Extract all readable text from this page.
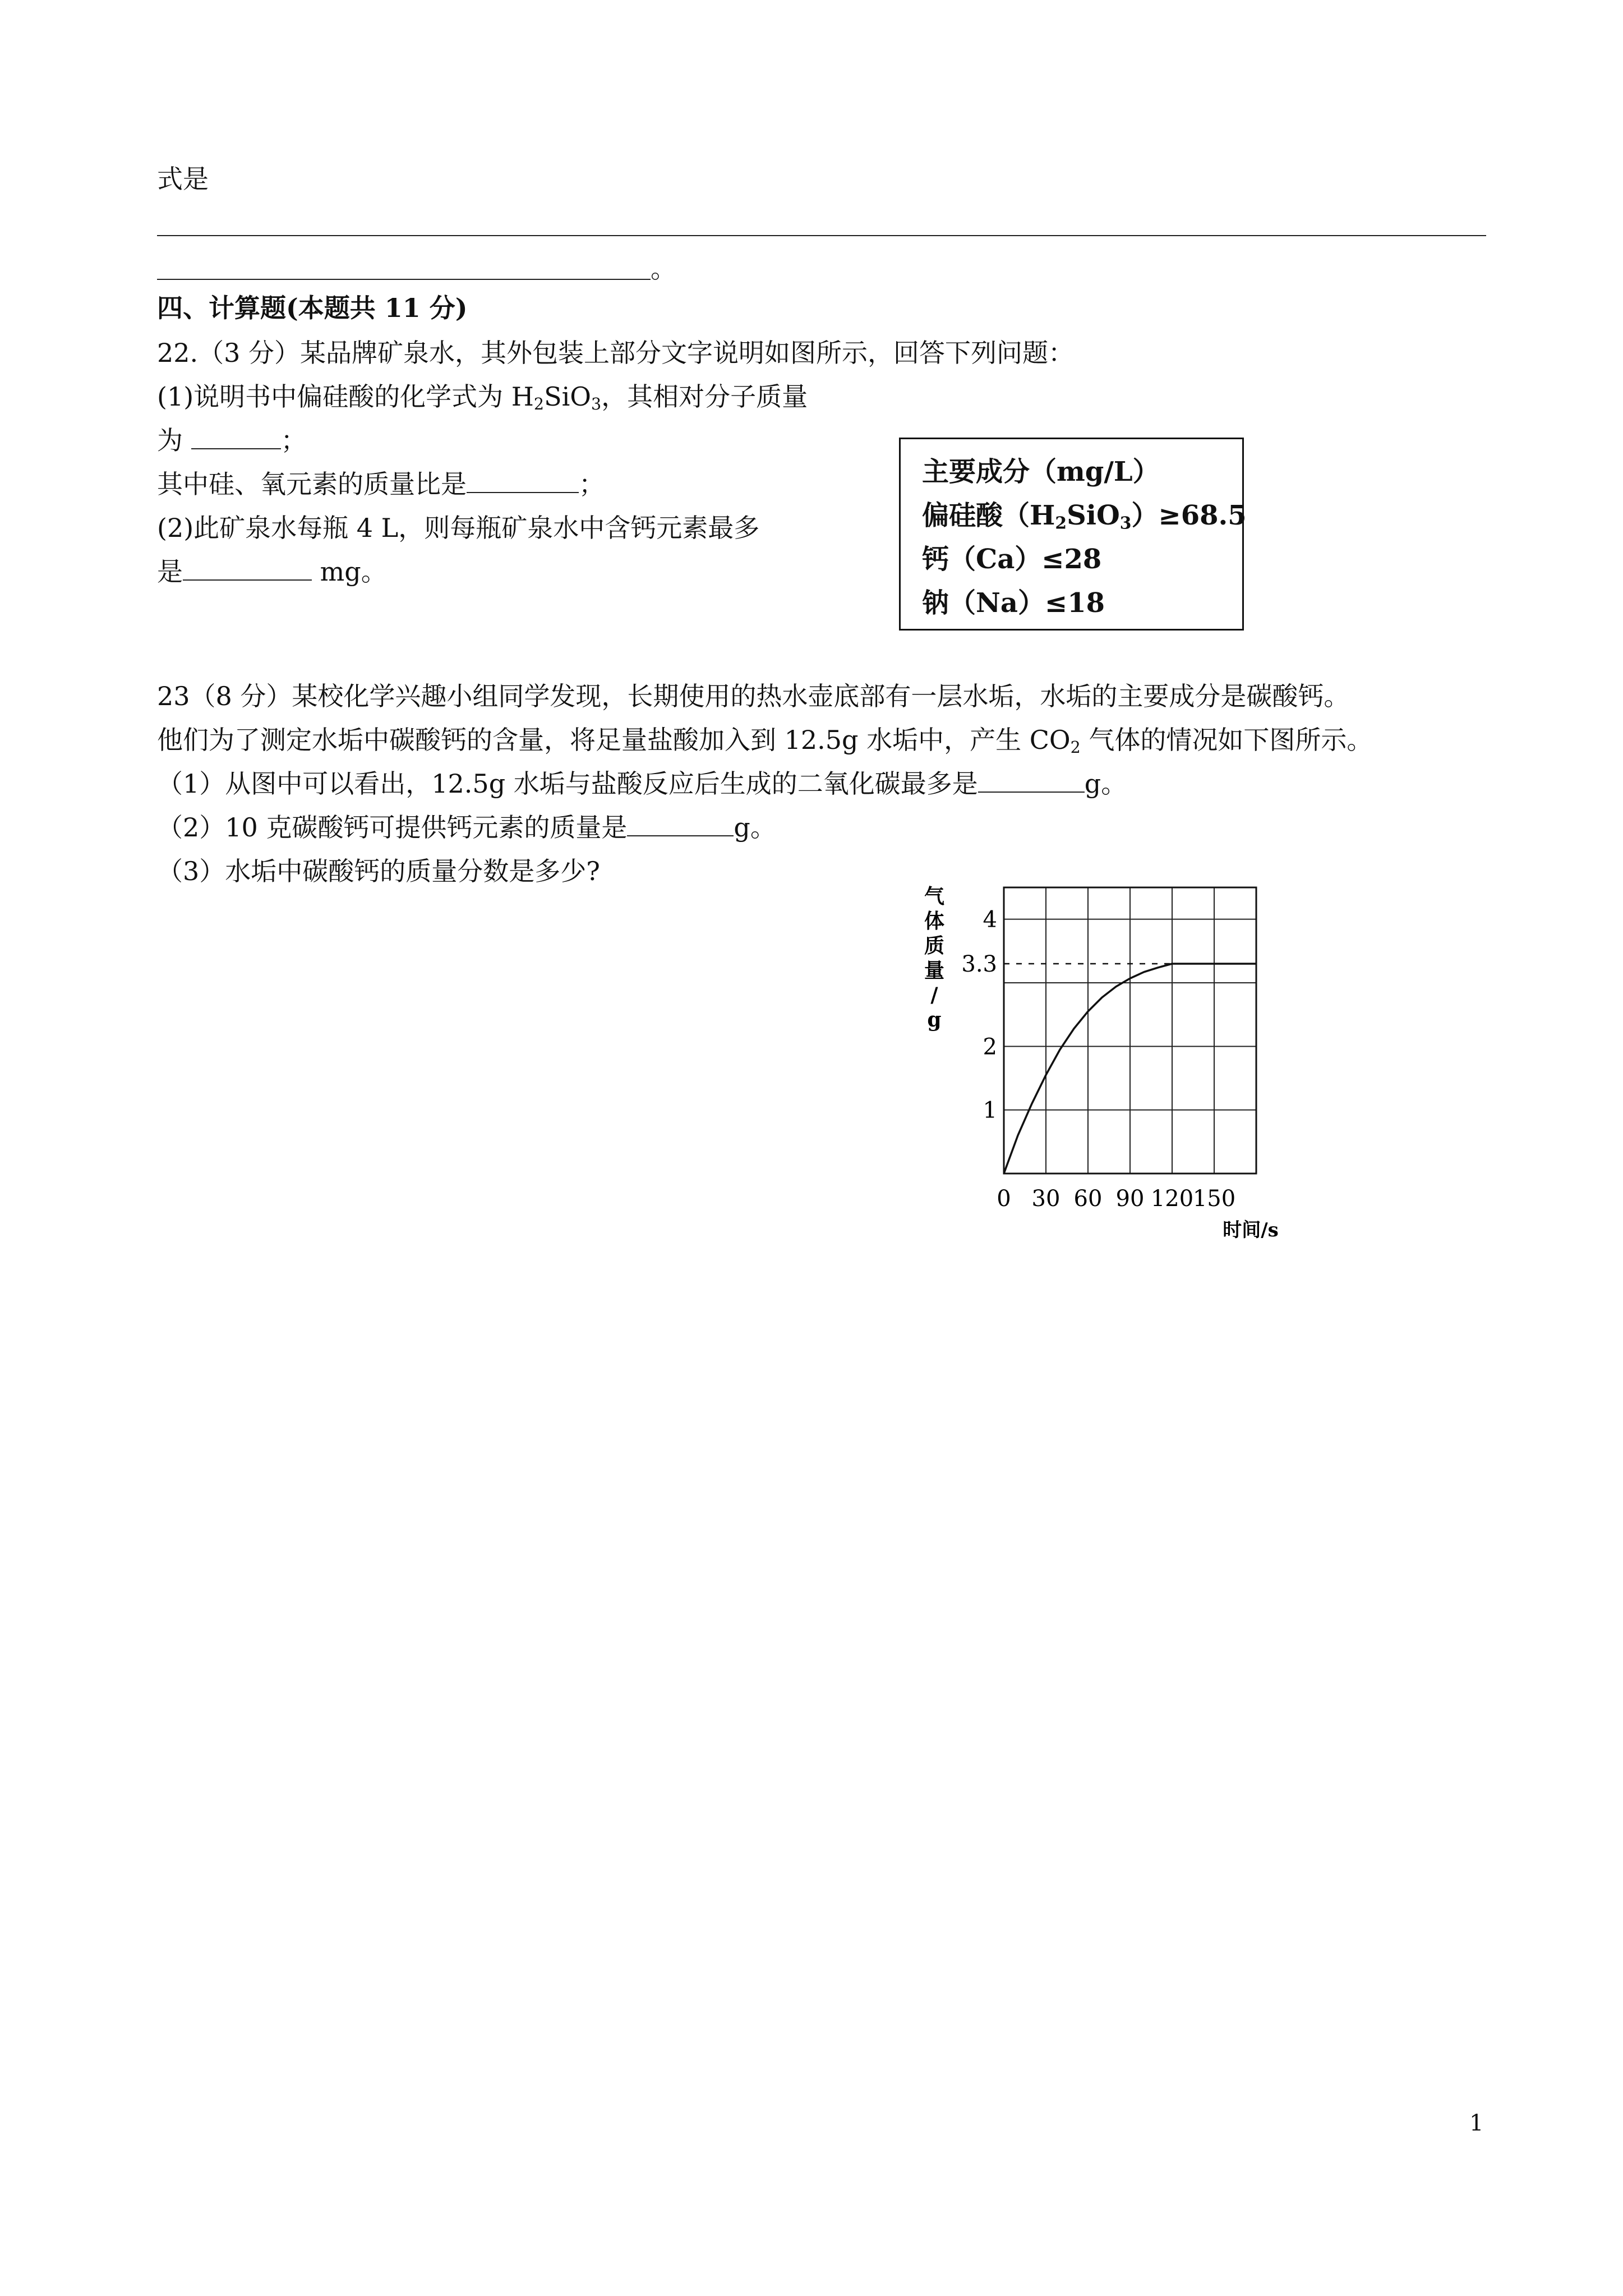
式是
。
四、计算题(本题共 11 分)
22.（3 分）某品牌矿泉水，其外包装上部分文字说明如图所示，回答下列问题：
(1)说明书中偏硅酸的化学式为 $H_2SiO_3$，其相对分子质量
为	；
其中硅、氧元素的质量比是	；
(2)此矿泉水每瓶 4 L，则每瓶矿泉水中含钙元素最多
是	mg。
主要成分（mg/L）
偏硅酸$(H_2SiO_3)\ge 68.5$
钙（Ca）≤28
钠（Na）≤18
23（8 分）某校化学兴趣小组同学发现，长期使用的热水壶底部有一层水垢，水垢的主要成分是碳酸钙。
他们为了测定水垢中碳酸钙的含量，将足量盐酸加入到 12.5g 水垢中，产生 $CO_2$ 气体的情况如下图所示。
（1）从图中可以看出，12.5g 水垢与盐酸反应后生成的二氧化碳最多是	g。
（2）10 克碳酸钙可提供钙元素的质量是	g。
（3）水垢中碳酸钙的质量分数是多少?
1
2
3.3
4
0 30 60 90 120
150
时间/s
气
体
质
量
/
g
1
